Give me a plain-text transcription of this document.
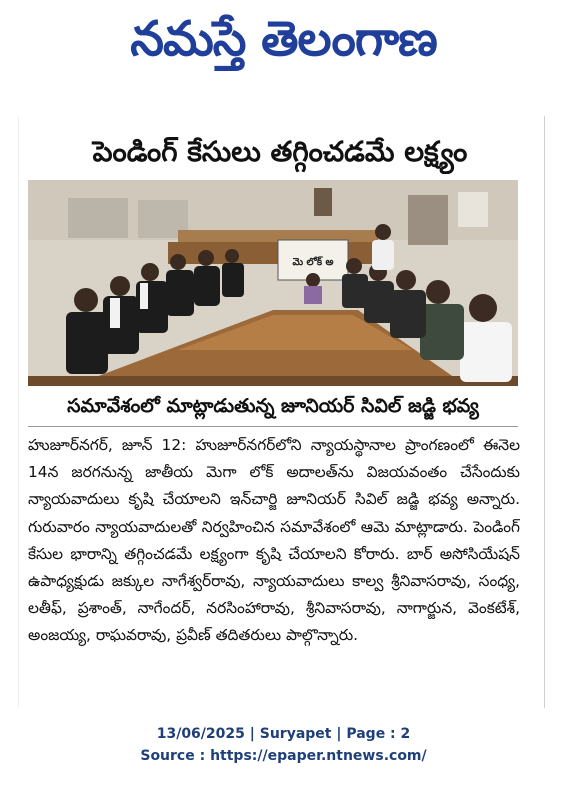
నమస్తే తెలంగాణ
పెండింగ్ కేసులు తగ్గించడమే లక్ష్యం
మె లోక్ అ
సమావేశంలో మాట్లాడుతున్న జూనియర్ సివిల్ జడ్జి భవ్య

హుజూర్‌నగర్, జూన్ 12: హుజూర్‌నగర్‌లోని న్యాయస్థానాల ప్రాంగణంలో ఈనెల 14న జరగనున్న జాతీయ మెగా లోక్ అదాలత్‌ను విజయవంతం చేసేందుకు న్యాయవాదులు కృషి చేయాలని ఇన్‌చార్జి జూనియర్ సివిల్ జడ్జి భవ్య అన్నారు. గురువారం న్యాయవాదులతో నిర్వహించిన సమావేశంలో ఆమె మాట్లాడారు. పెండింగ్ కేసుల భారాన్ని తగ్గించడమే లక్ష్యంగా కృషి చేయాలని కోరారు. బార్ అసోసియేషన్ ఉపాధ్యక్షుడు జక్కుల నాగేశ్వర్‌రావు, న్యాయవాదులు కాల్వ శ్రీనివాసరావు, సంధ్య, లతీఫ్, ప్రశాంత్, నాగేందర్, నరసింహారావు, శ్రీనివాసరావు, నాగార్జున, వెంకటేశ్, అంజయ్య, రాఘవరావు, ప్రవీణ్ తదితరులు పాల్గొన్నారు.

13/06/2025 | Suryapet | Page : 2
Source : https://epaper.ntnews.com/
